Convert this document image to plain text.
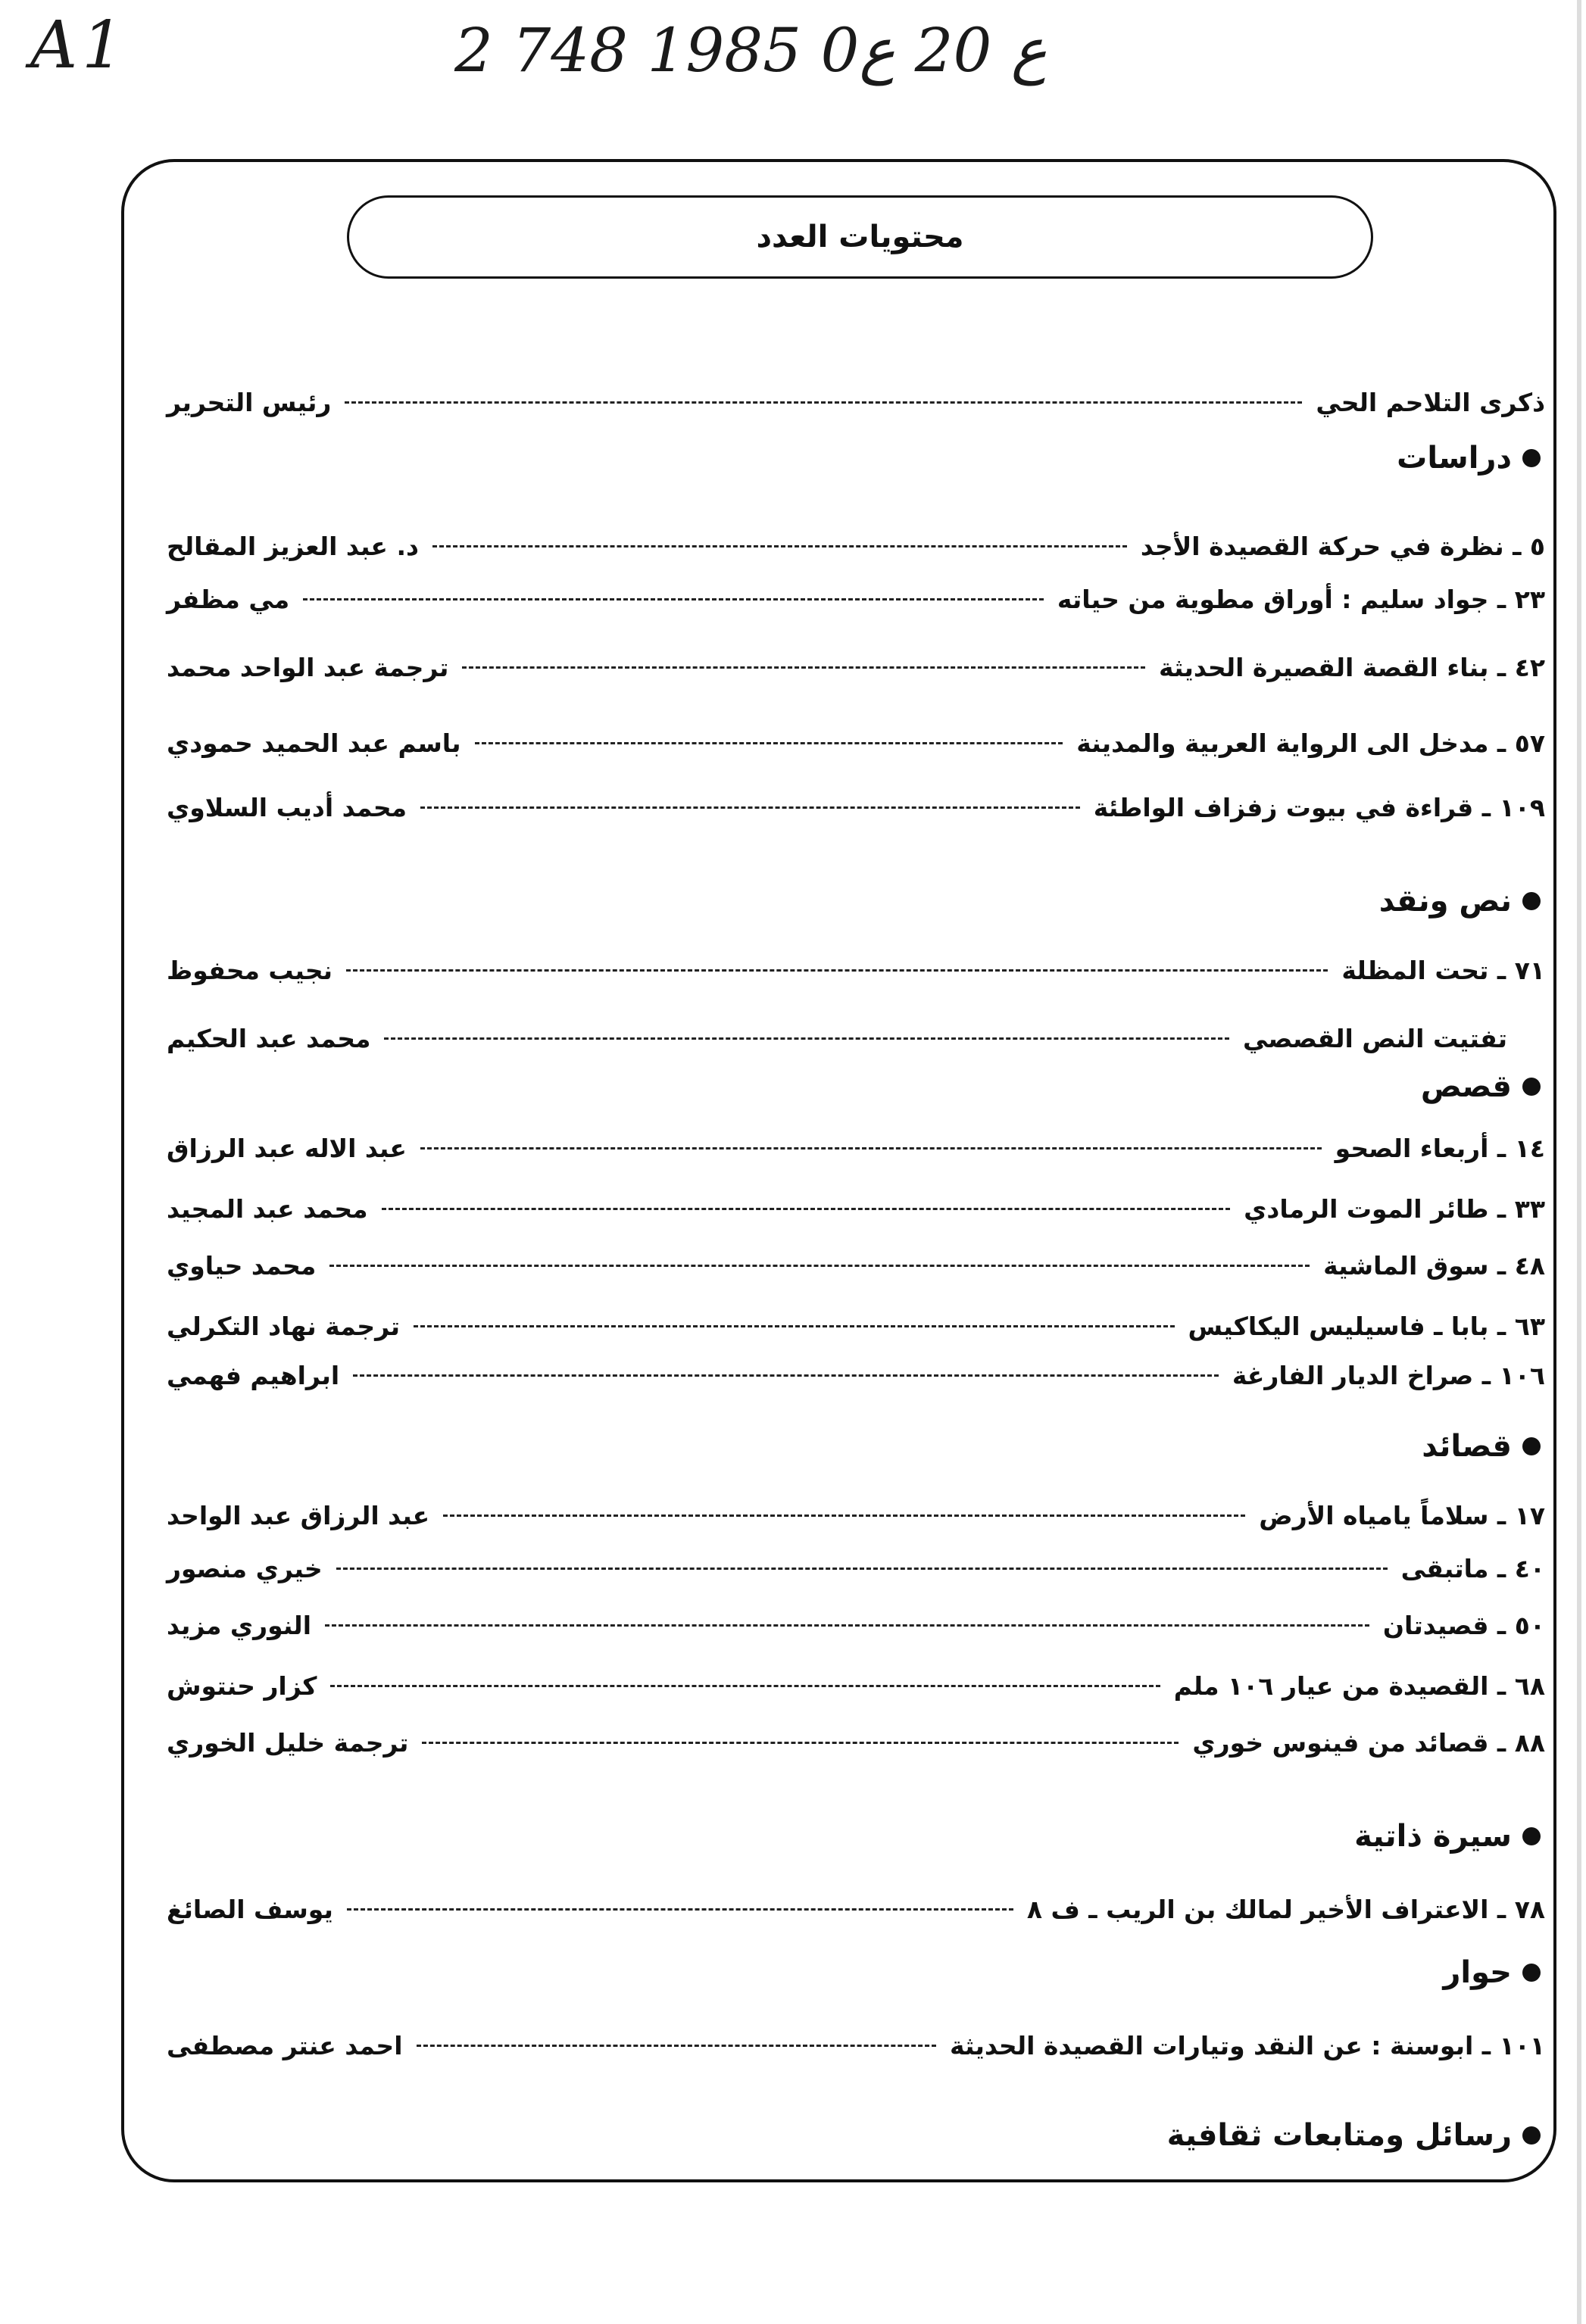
A1	2 ع 20 ع0 1985 748
محتويات العدد
ذكرى التلاحم الحي
رئيس التحرير
دراسات
٥ ـ نظرة في حركة القصيدة الأجد
د. عبد العزيز المقالح
٢٣ ـ جواد سليم : أوراق مطوية من حياته
مي مظفر
٤٢ ـ بناء القصة القصيرة الحديثة
ترجمة عبد الواحد محمد
٥٧ ـ مدخل الى الرواية العربية والمدينة
باسم عبد الحميد حمودي
١٠٩ ـ قراءة في بيوت زفزاف الواطئة
محمد أديب السلاوي
نص ونقد
٧١ ـ تحت المظلة
نجيب محفوظ
تفتيت النص القصصي
محمد عبد الحكيم
قصص
١٤ ـ أربعاء الصحو
عبد الاله عبد الرزاق
٣٣ ـ طائر الموت الرمادي
محمد عبد المجيد
٤٨ ـ سوق الماشية
محمد حياوي
٦٣ ـ بابا ـ فاسيليس اليكاكيس
ترجمة نهاد التكرلي
١٠٦ ـ صراخ الديار الفارغة
ابراهيم فهمي
قصائد
١٧ ـ سلاماً يامياه الأرض
عبد الرزاق عبد الواحد
٤٠ ـ ماتبقى
خيري منصور
٥٠ ـ قصيدتان
النوري مزيد
٦٨ ـ القصيدة من عيار ١٠٦ ملم
كزار حنتوش
٨٨ ـ قصائد من فينوس خوري
ترجمة خليل الخوري
سيرة ذاتية
٧٨ ـ الاعتراف الأخير لمالك بن الريب ـ ف ٨
يوسف الصائغ
حوار
١٠١ ـ ابوسنة : عن النقد وتيارات القصيدة الحديثة
احمد عنتر مصطفى
رسائل ومتابعات ثقافية
